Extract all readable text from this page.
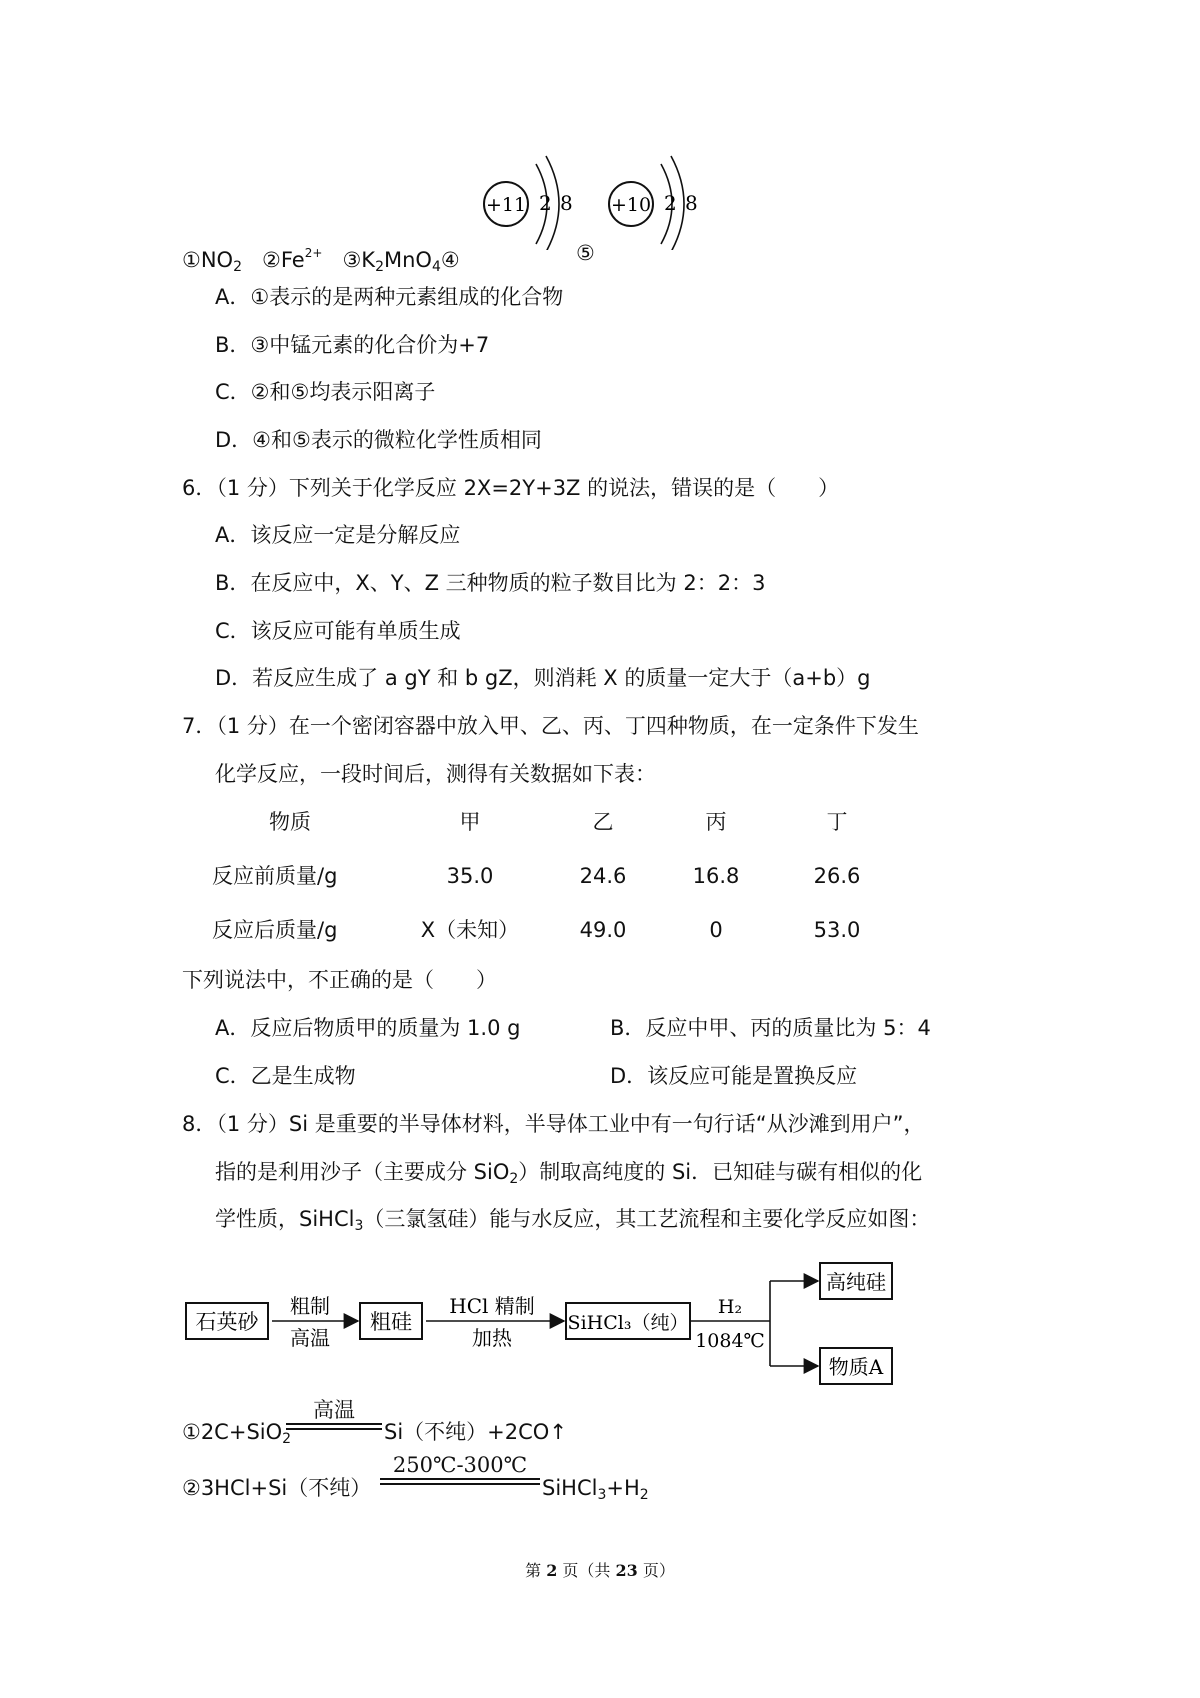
+11 2 8 +10 2 8
$①NO_2$ $②Fe^{2+}$ $③K_2MnO_4④$	⑤
A．①表示的是两种元素组成的化合物
B．③中锰元素的化合价为+7
C．②和⑤均表示阳离子
D．④和⑤表示的微粒化学性质相同
6．（1 分）下列关于化学反应 2X=2Y+3Z 的说法，错误的是（　　）
A．该反应一定是分解反应
B．在反应中，X、Y、Z 三种物质的粒子数目比为 2：2：3
C．该反应可能有单质生成
D．若反应生成了 a gY 和 b gZ，则消耗 X 的质量一定大于（a+b）g
7．（1 分）在一个密闭容器中放入甲、乙、丙、丁四种物质，在一定条件下发生
化学反应，一段时间后，测得有关数据如下表：
物质	甲	乙	丙	丁
反应前质量/g	35.0	24.6	16.8	26.6
反应后质量/g	X（未知）	49.0	0	53.0
下列说法中，不正确的是（　　）
A．反应后物质甲的质量为 1.0 g	B．反应中甲、丙的质量比为 5：4
C．乙是生成物	D．该反应可能是置换反应
8．（1 分）Si 是重要的半导体材料，半导体工业中有一句行话“从沙滩到用户”，
指的是利用沙子（主要成分 SiO$_2$）制取高纯度的 Si．已知硅与碳有相似的化
学性质，SiHCl$_3$（三氯氢硅）能与水反应，其工艺流程和主要化学反应如图：
石英砂
粗制
高温
粗硅
HCl 精制
加热
SiHCl₃（纯）
H₂
1084℃
高纯硅
物质A
①2C+SiO$_2$
高温
Si（不纯）+2CO↑
②3HCl+Si（不纯）
250℃-300℃
$SiHCl_3+H_2$
第 2 页（共 23 页）
